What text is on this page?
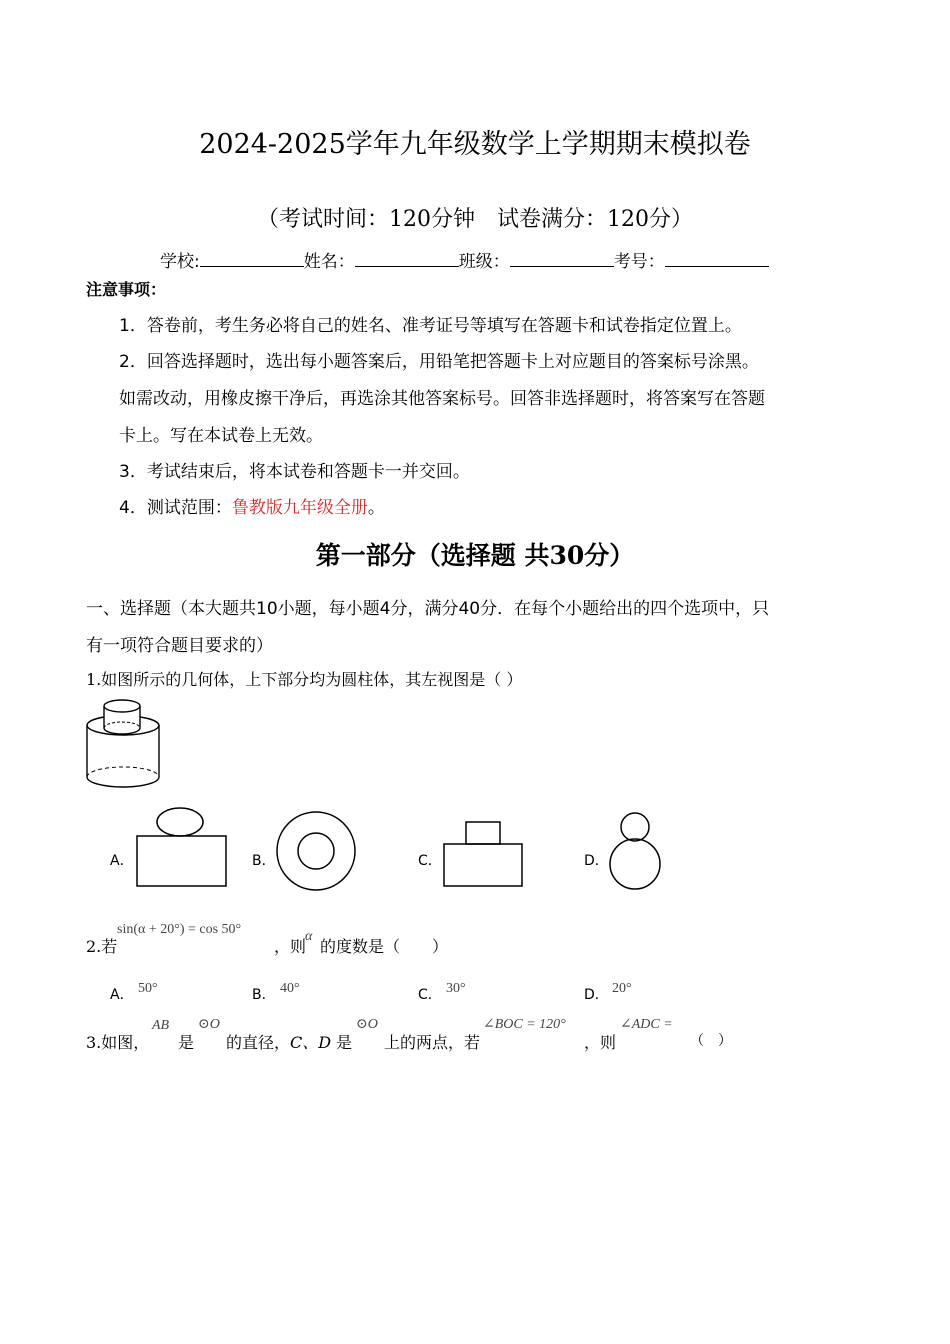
2024-2025学年九年级数学上学期期末模拟卷
（考试时间：120分钟　试卷满分：120分）
学校:	姓名：	班级：	考号：
注意事项：
1．答卷前，考生务必将自己的姓名、准考证号等填写在答题卡和试卷指定位置上。
2．回答选择题时，选出每小题答案后，用铅笔把答题卡上对应题目的答案标号涂黑。
如需改动，用橡皮擦干净后，再选涂其他答案标号。回答非选择题时，将答案写在答题
卡上。写在本试卷上无效。
3．考试结束后，将本试卷和答题卡一并交回。
4．测试范围：鲁教版九年级全册。
第一部分（选择题 共30分）
一、选择题（本大题共10小题，每小题4分，满分40分．在每个小题给出的四个选项中，只
有一项符合题目要求的）
1.如图所示的几何体，上下部分均为圆柱体，其左视图是（ ）
A．	B．	C．	D．
2.若
sin(α + 20°) = cos 50°
，则
α
的度数是（　　）
A． 50°	B． 40°	C． 30°	D． 20°
3.如图，
AB
是
⊙O
的直径， C、D 是
⊙O
上的两点，若
∠BOC = 120°
，则
∠ADC =
（　）
